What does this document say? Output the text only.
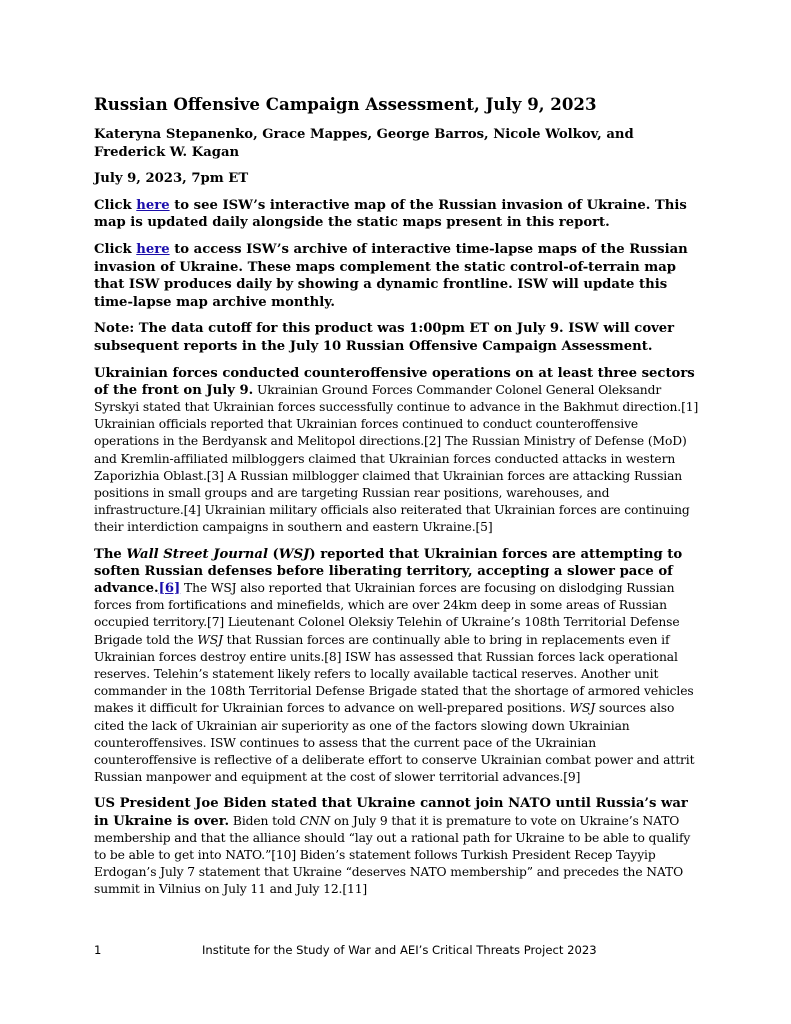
Russian Offensive Campaign Assessment, July 9, 2023

Kateryna Stepanenko, Grace Mappes, George Barros, Nicole Wolkov, and Frederick W. Kagan

July 9, 2023, 7pm ET

Click here to see ISW’s interactive map of the Russian invasion of Ukraine. This map is updated daily alongside the static maps present in this report.

Click here to access ISW’s archive of interactive time-lapse maps of the Russian invasion of Ukraine. These maps complement the static control-of-terrain map that ISW produces daily by showing a dynamic frontline. ISW will update this time-lapse map archive monthly.

Note: The data cutoff for this product was 1:00pm ET on July 9. ISW will cover subsequent reports in the July 10 Russian Offensive Campaign Assessment.

Ukrainian forces conducted counteroffensive operations on at least three sectors of the front on July 9. Ukrainian Ground Forces Commander Colonel General Oleksandr Syrskyi stated that Ukrainian forces successfully continue to advance in the Bakhmut direction.[1] Ukrainian officials reported that Ukrainian forces continued to conduct counteroffensive operations in the Berdyansk and Melitopol directions.[2] The Russian Ministry of Defense (MoD) and Kremlin-affiliated milbloggers claimed that Ukrainian forces conducted attacks in western Zaporizhia Oblast.[3] A Russian milblogger claimed that Ukrainian forces are attacking Russian positions in small groups and are targeting Russian rear positions, warehouses, and infrastructure.[4] Ukrainian military officials also reiterated that Ukrainian forces are continuing their interdiction campaigns in southern and eastern Ukraine.[5]

The Wall Street Journal (WSJ) reported that Ukrainian forces are attempting to soften Russian defenses before liberating territory, accepting a slower pace of advance.[6] The WSJ also reported that Ukrainian forces are focusing on dislodging Russian forces from fortifications and minefields, which are over 24km deep in some areas of Russian occupied territory.[7] Lieutenant Colonel Oleksiy Telehin of Ukraine’s 108th Territorial Defense Brigade told the WSJ that Russian forces are continually able to bring in replacements even if Ukrainian forces destroy entire units.[8] ISW has assessed that Russian forces lack operational reserves. Telehin’s statement likely refers to locally available tactical reserves. Another unit commander in the 108th Territorial Defense Brigade stated that the shortage of armored vehicles makes it difficult for Ukrainian forces to advance on well-prepared positions. WSJ sources also cited the lack of Ukrainian air superiority as one of the factors slowing down Ukrainian counteroffensives. ISW continues to assess that the current pace of the Ukrainian counteroffensive is reflective of a deliberate effort to conserve Ukrainian combat power and attrit Russian manpower and equipment at the cost of slower territorial advances.[9]

US President Joe Biden stated that Ukraine cannot join NATO until Russia’s war in Ukraine is over. Biden told CNN on July 9 that it is premature to vote on Ukraine’s NATO membership and that the alliance should “lay out a rational path for Ukraine to be able to qualify to be able to get into NATO.”[10] Biden’s statement follows Turkish President Recep Tayyip Erdogan’s July 7 statement that Ukraine “deserves NATO membership” and precedes the NATO summit in Vilnius on July 11 and July 12.[11]

1	Institute for the Study of War and AEI’s Critical Threats Project 2023
